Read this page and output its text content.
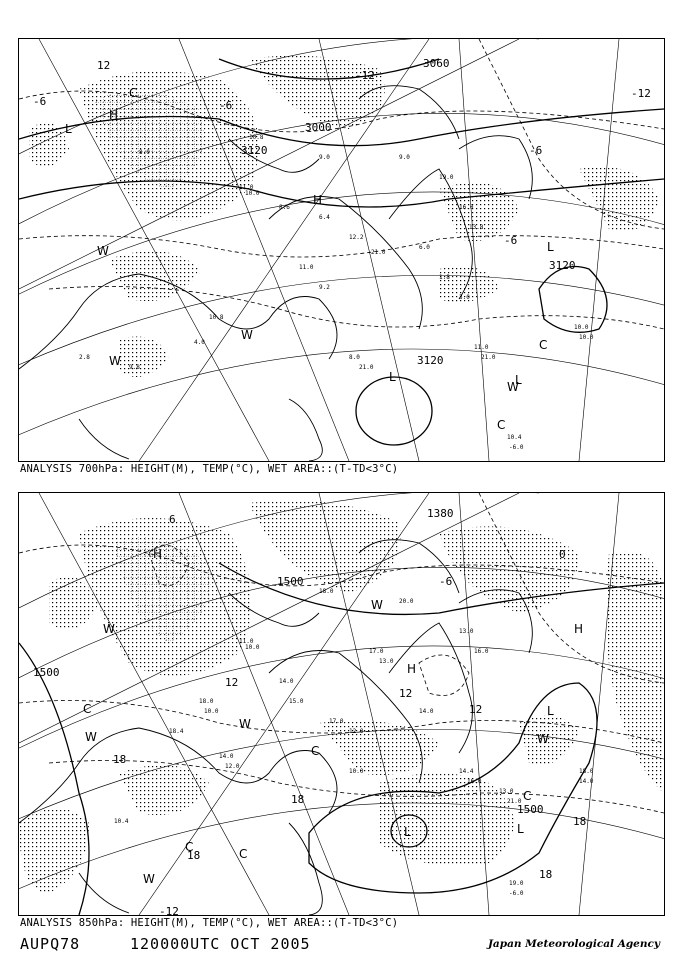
11.0
10.0
8.6
6.4
12.2
21.0
11.0
9.2
10.8
4.0
9.8
2.8
1.8
3.0
11.0
21.0
10.0
10.0
10.4
-6.0
8.0
21.0
6.0
13.8
9.0	9.0
10.8
19.0
8.0
16.0
3120
3000
3120
3120
3060
-12
-12
-6
-6
-6
-6
12
L
L
L	L
H
H
W
W
W
W
C
C
C
ANALYSIS 700hPa: HEIGHT(M), TEMP(°C), WET AREA::(T-TD<3°C)
11.0
10.0
14.0
15.0
17.0
12.0
17.0
13.0
13.0
16.0
14.4
16.0
13.0
21.0
18.0
10.0
18.0
14.0
19.0
-6.0
14.0
12.0
10.0
18.4
14.0
10.4
20.0
18.0
1500
1500
1500
1380
18
18
18
18
18
12
12
12
6
0
-6
-12
H
H
H
L
L
L
W
W
W
W
W
W
C
C	C
C
C
ANALYSIS 850hPa: HEIGHT(M), TEMP(°C), WET AREA::(T-TD<3°C)
AUPQ78	120000UTC OCT 2005	Japan Meteorological Agency
